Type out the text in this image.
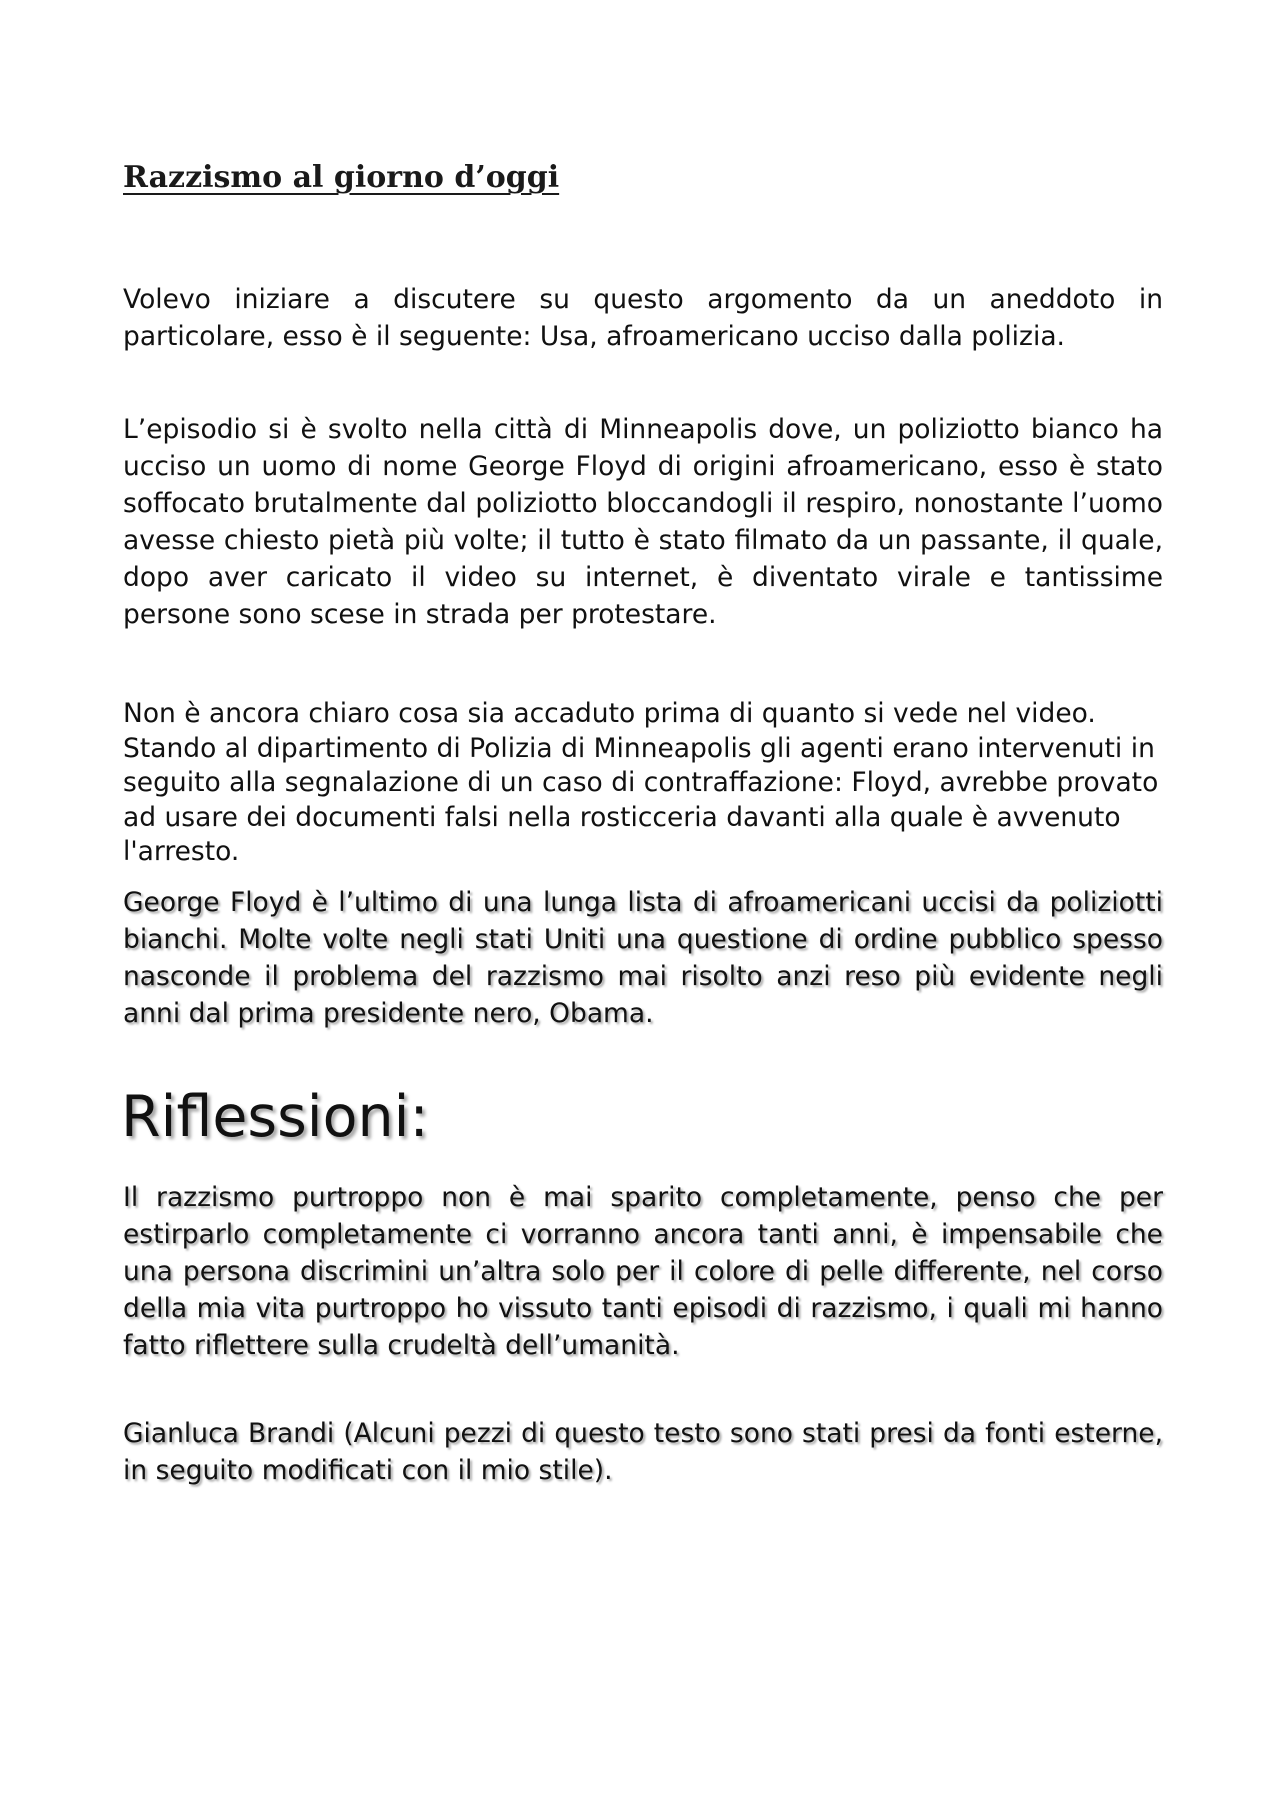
Razzismo al giorno d’oggi

Volevo iniziare a discutere su questo argomento da un aneddoto in particolare, esso è il seguente: Usa, afroamericano ucciso dalla polizia.

L’episodio si è svolto nella città di Minneapolis dove, un poliziotto bianco ha ucciso un uomo di nome George Floyd di origini afroamericano, esso è stato soffocato brutalmente dal poliziotto bloccandogli il respiro, nonostante l’uomo avesse chiesto pietà più volte; il tutto è stato filmato da un passante, il quale, dopo aver caricato il video su internet, è diventato virale e tantissime persone sono scese in strada per protestare.

Non è ancora chiaro cosa sia accaduto prima di quanto si vede nel video. Stando al dipartimento di Polizia di Minneapolis gli agenti erano intervenuti in seguito alla segnalazione di un caso di contraffazione: Floyd, avrebbe provato ad usare dei documenti falsi nella rosticceria davanti alla quale è avvenuto l'arresto.

George Floyd è l’ultimo di una lunga lista di afroamericani uccisi da poliziotti bianchi. Molte volte negli stati Uniti una questione di ordine pubblico spesso nasconde il problema del razzismo mai risolto anzi reso più evidente negli anni dal prima presidente nero, Obama.

Riflessioni:

Il razzismo purtroppo non è mai sparito completamente, penso che per estirparlo completamente ci vorranno ancora tanti anni, è impensabile che una persona discrimini un’altra solo per il colore di pelle differente, nel corso della mia vita purtroppo ho vissuto tanti episodi di razzismo, i quali mi hanno fatto riflettere sulla crudeltà dell’umanità.

Gianluca Brandi (Alcuni pezzi di questo testo sono stati presi da fonti esterne, in seguito modificati con il mio stile).
